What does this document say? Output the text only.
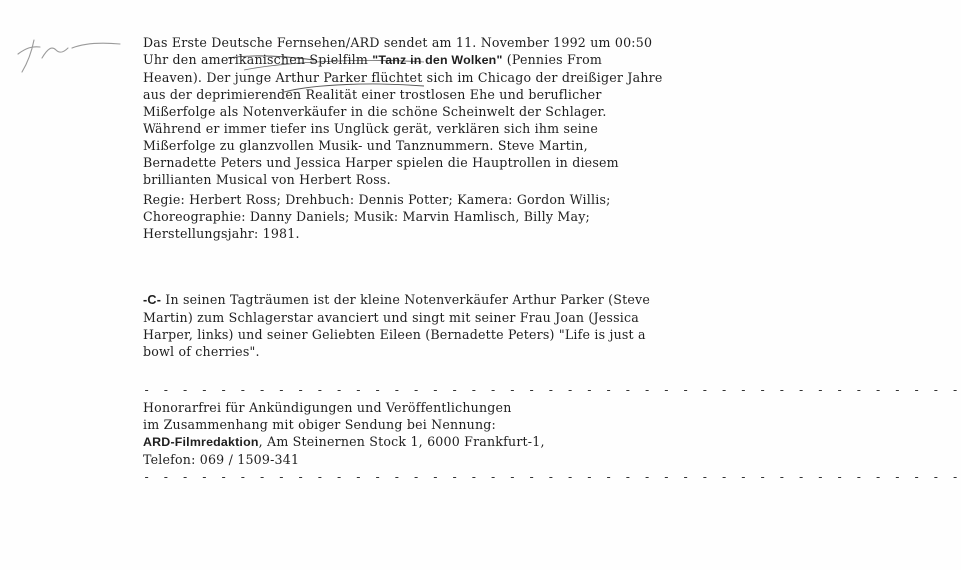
Das Erste Deutsche Fernsehen/ARD sendet am 11. November 1992 um 00:50 Uhr den amerikanischen Spielfilm "Tanz in den Wolken" (Pennies From Heaven). Der junge Arthur Parker flüchtet sich im Chicago der dreißiger Jahre aus der deprimierenden Realität einer trostlosen Ehe und beruflicher Mißerfolge als Notenverkäufer in die schöne Scheinwelt der Schlager. Während er immer tiefer ins Unglück gerät, verklären sich ihm seine Mißerfolge zu glanzvollen Musik- und Tanznummern. Steve Martin, Bernadette Peters und Jessica Harper spielen die Hauptrollen in diesem brillianten Musical von Herbert Ross.

Regie: Herbert Ross; Drehbuch: Dennis Potter; Kamera: Gordon Willis; Choreographie: Danny Daniels; Musik: Marvin Hamlisch, Billy May; Herstellungsjahr: 1981.

-C- In seinen Tagträumen ist der kleine Notenverkäufer Arthur Parker (Steve Martin) zum Schlagerstar avanciert und singt mit seiner Frau Joan (Jessica Harper, links) und seiner Geliebten Eileen (Bernadette Peters) "Life is just a bowl of cherries".

- - - - - - - - - - - - - - - - - - - - - - - - - - - - - - - - - - - - - - - - - - -

Honorarfrei für Ankündigungen und Veröffentlichungen

im Zusammenhang mit obiger Sendung bei Nennung:

ARD-Filmredaktion, Am Steinernen Stock 1, 6000 Frankfurt-1,

Telefon: 069 / 1509-341

- - - - - - - - - - - - - - - - - - - - - - - - - - - - - - - - - - - - - - - - - - -
